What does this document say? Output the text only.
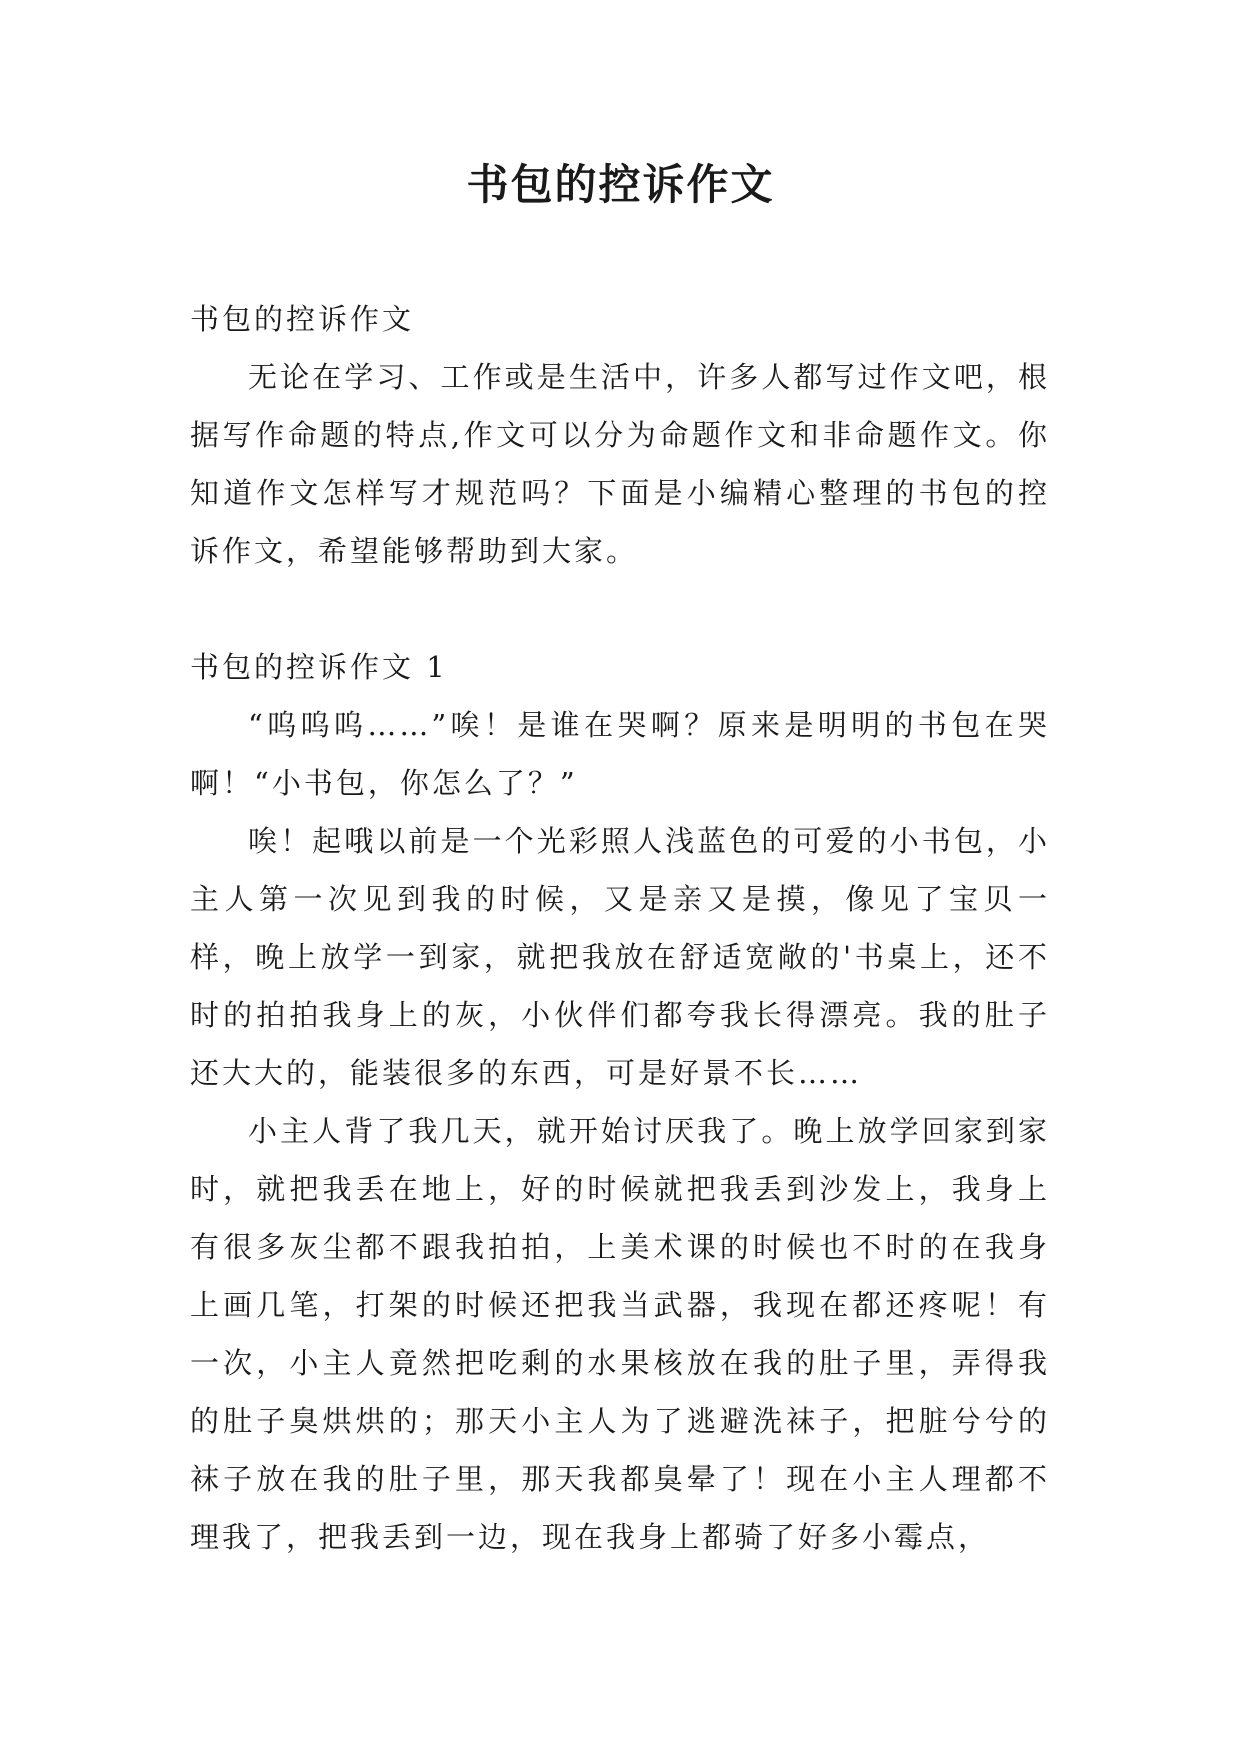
书包的控诉作文

书包的控诉作文

无论在学习、工作或是生活中，许多人都写过作文吧，根据写作命题的特点,作文可以分为命题作文和非命题作文。你知道作文怎样写才规范吗？下面是小编精心整理的书包的控诉作文，希望能够帮助到大家。

书包的控诉作文 1

“呜呜呜……”唉！是谁在哭啊？原来是明明的书包在哭啊！“小书包，你怎么了？”

唉！起哦以前是一个光彩照人浅蓝色的可爱的小书包，小主人第一次见到我的时候，又是亲又是摸，像见了宝贝一样，晚上放学一到家，就把我放在舒适宽敞的'书桌上，还不时的拍拍我身上的灰，小伙伴们都夸我长得漂亮。我的肚子还大大的，能装很多的东西，可是好景不长……

小主人背了我几天，就开始讨厌我了。晚上放学回家到家时，就把我丢在地上，好的时候就把我丢到沙发上，我身上有很多灰尘都不跟我拍拍，上美术课的时候也不时的在我身上画几笔，打架的时候还把我当武器，我现在都还疼呢！有一次，小主人竟然把吃剩的水果核放在我的肚子里，弄得我的肚子臭烘烘的；那天小主人为了逃避洗袜子，把脏兮兮的袜子放在我的肚子里，那天我都臭晕了！现在小主人理都不理我了，把我丢到一边，现在我身上都骑了好多小霉点，
